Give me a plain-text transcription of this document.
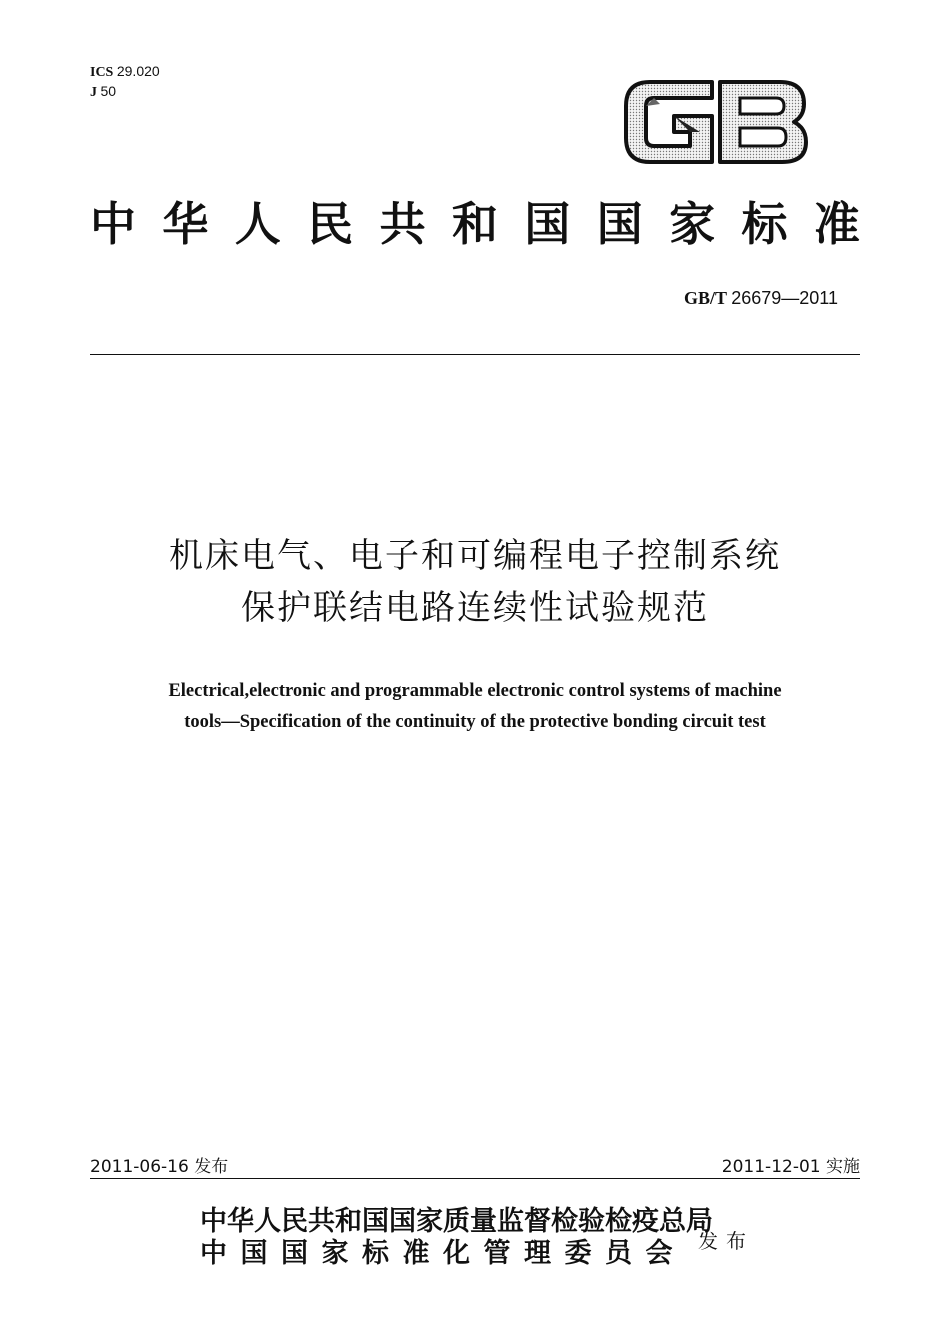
ICS 29.020
J 50
中 华 人 民 共 和 国 国 家 标 准
GB/T 26679—2011
机床电气、电子和可编程电子控制系统
保护联结电路连续性试验规范
Electrical,electronic and programmable electronic control systems of machine
tools—Specification of the continuity of the protective bonding circuit test
2011-06-16 发布	2011-12-01 实施
中华人民共和国国家质量监督检验检疫总局
中国国家标准化管理委员会 发布
